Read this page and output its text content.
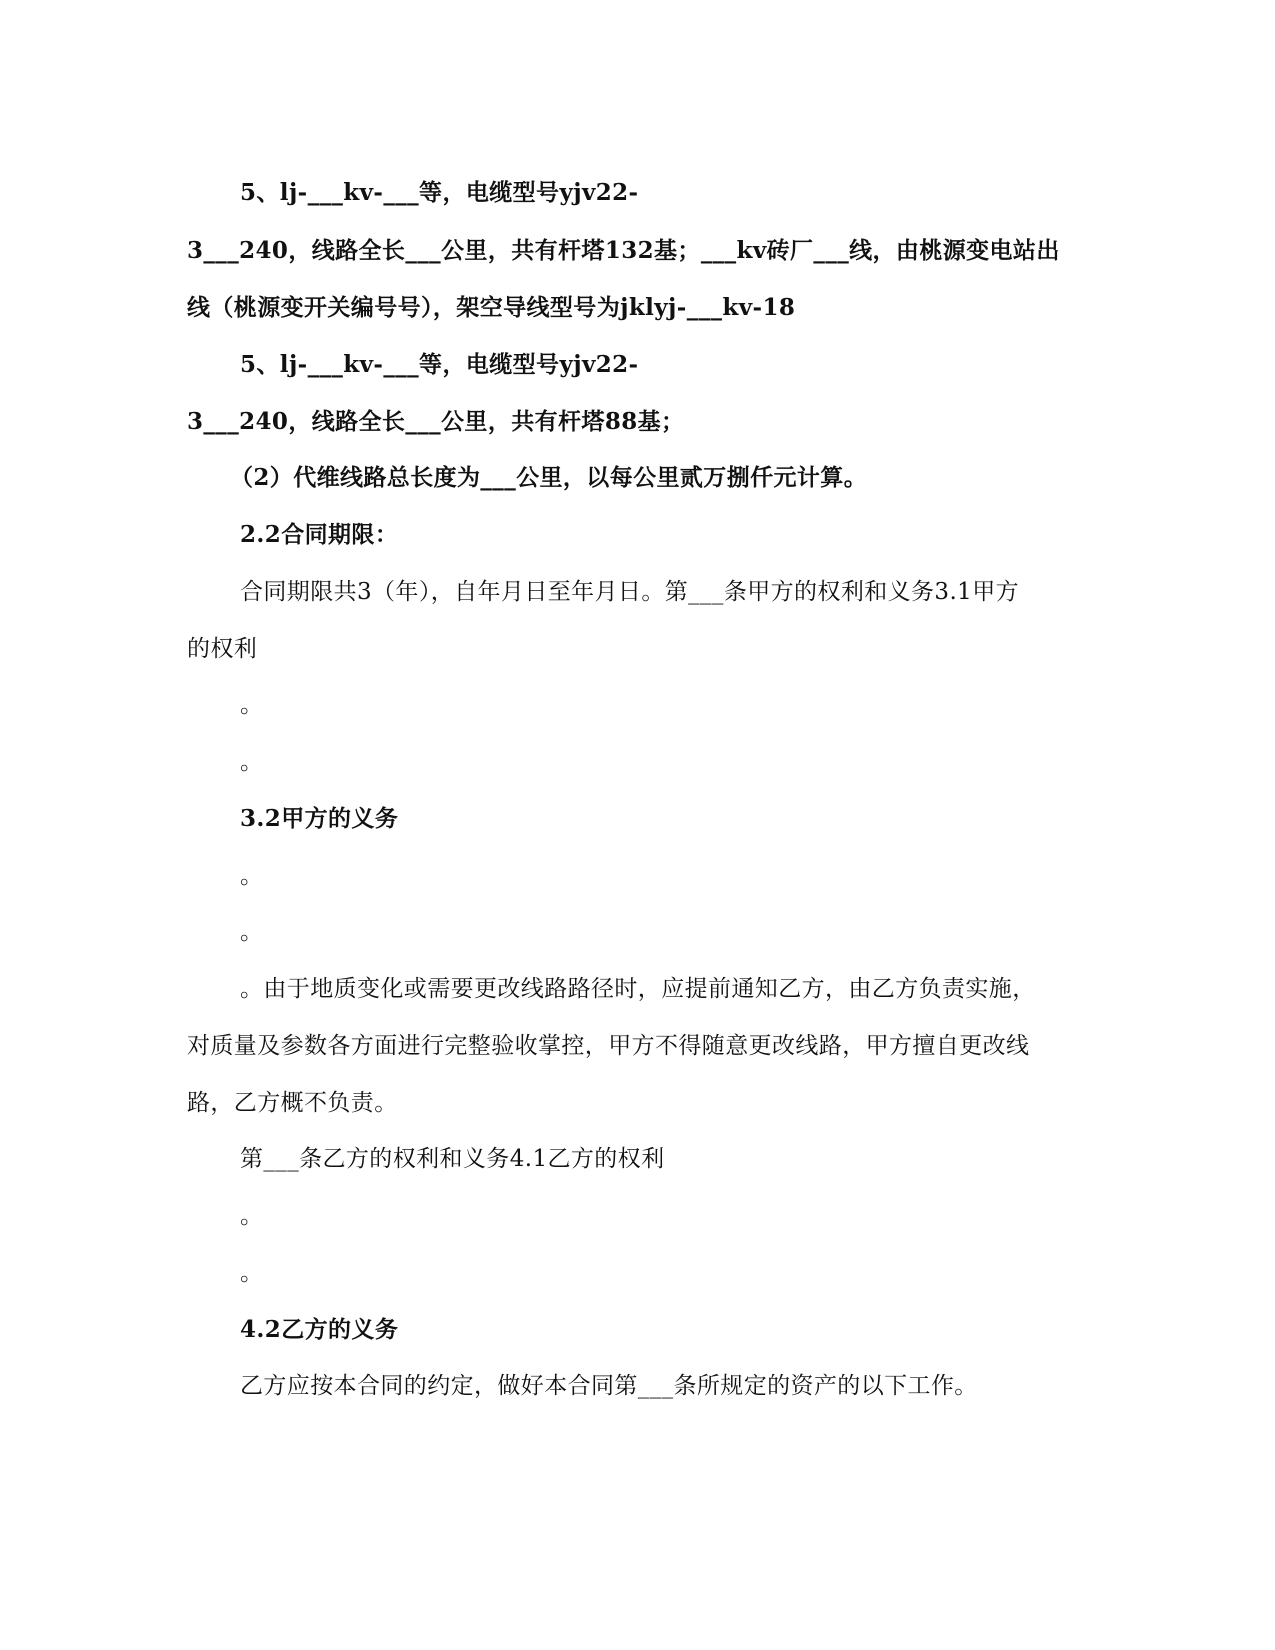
5、lj-___kv-___等，电缆型号yjv22-
3___240，线路全长___公里，共有杆塔132基；___kv砖厂___线，由桃源变电站出
线（桃源变开关编号号），架空导线型号为jklyj-___kv-18
5、lj-___kv-___等，电缆型号yjv22-
3___240，线路全长___公里，共有杆塔88基；
（2）代维线路总长度为___公里，以每公里贰万捌仟元计算。
2.2合同期限：
合同期限共3（年），自年月日至年月日。第___条甲方的权利和义务3.1甲方
的权利
。
。
3.2甲方的义务
。
。
。由于地质变化或需要更改线路路径时，应提前通知乙方，由乙方负责实施，
对质量及参数各方面进行完整验收掌控，甲方不得随意更改线路，甲方擅自更改线
路，乙方概不负责。
第___条乙方的权利和义务4.1乙方的权利
。
。
4.2乙方的义务
乙方应按本合同的约定，做好本合同第___条所规定的资产的以下工作。
